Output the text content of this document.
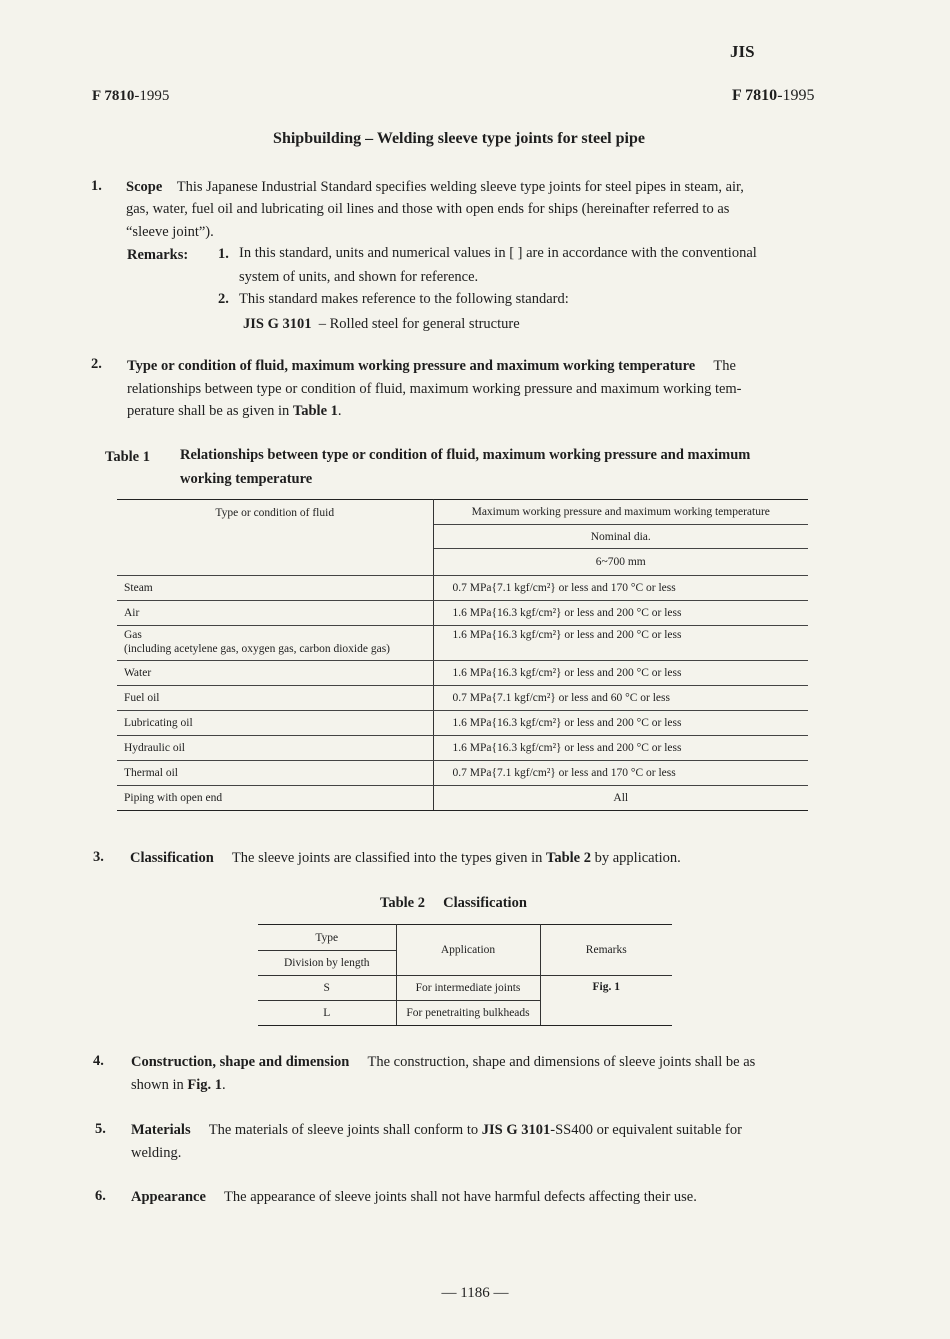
JIS
F 7810-1995	F 7810-1995
Shipbuilding – Welding sleeve type joints for steel pipe
1. Scope This Japanese Industrial Standard specifies welding sleeve type joints for steel pipes in steam, air,
gas, water, fuel oil and lubricating oil lines and those with open ends for ships (hereinafter referred to as
“sleeve joint”).
Remarks: 1. In this standard, units and numerical values in [ ] are in accordance with the conventional
system of units, and shown for reference.
2. This standard makes reference to the following standard:
JIS G 3101 – Rolled steel for general structure
2. Type or condition of fluid, maximum working pressure and maximum working temperature The
relationships between type or condition of fluid, maximum working pressure and maximum working tem-
perature shall be as given in Table 1.
Table 1 Relationships between type or condition of fluid, maximum working pressure and maximum
working temperature
Type or condition of fluid	Maximum working pressure and maximum working temperature
	Nominal dia.
	6~700 mm
Steam	0.7 MPa{7.1 kgf/cm²} or less and 170 °C or less
Air	1.6 MPa{16.3 kgf/cm²} or less and 200 °C or less

Gas
(including acetylene gas, oxygen gas, carbon dioxide gas)	1.6 MPa{16.3 kgf/cm²} or less and 200 °C or less
Water	1.6 MPa{16.3 kgf/cm²} or less and 200 °C or less
Fuel oil	0.7 MPa{7.1 kgf/cm²} or less and 60 °C or less
Lubricating oil	1.6 MPa{16.3 kgf/cm²} or less and 200 °C or less
Hydraulic oil	1.6 MPa{16.3 kgf/cm²} or less and 200 °C or less
Thermal oil	0.7 MPa{7.1 kgf/cm²} or less and 170 °C or less
Piping with open end	All
3. Classification The sleeve joints are classified into the types given in Table 2 by application.
Table 2 Classification
Type	Application	Remarks
Division by length		
S	For intermediate joints	Fig. 1
L	For penetraiting bulkheads	
4. Construction, shape and dimension The construction, shape and dimensions of sleeve joints shall be as
shown in Fig. 1.
5. Materials The materials of sleeve joints shall conform to JIS G 3101-SS400 or equivalent suitable for
welding.
6. Appearance The appearance of sleeve joints shall not have harmful defects affecting their use.
— 1186 —
